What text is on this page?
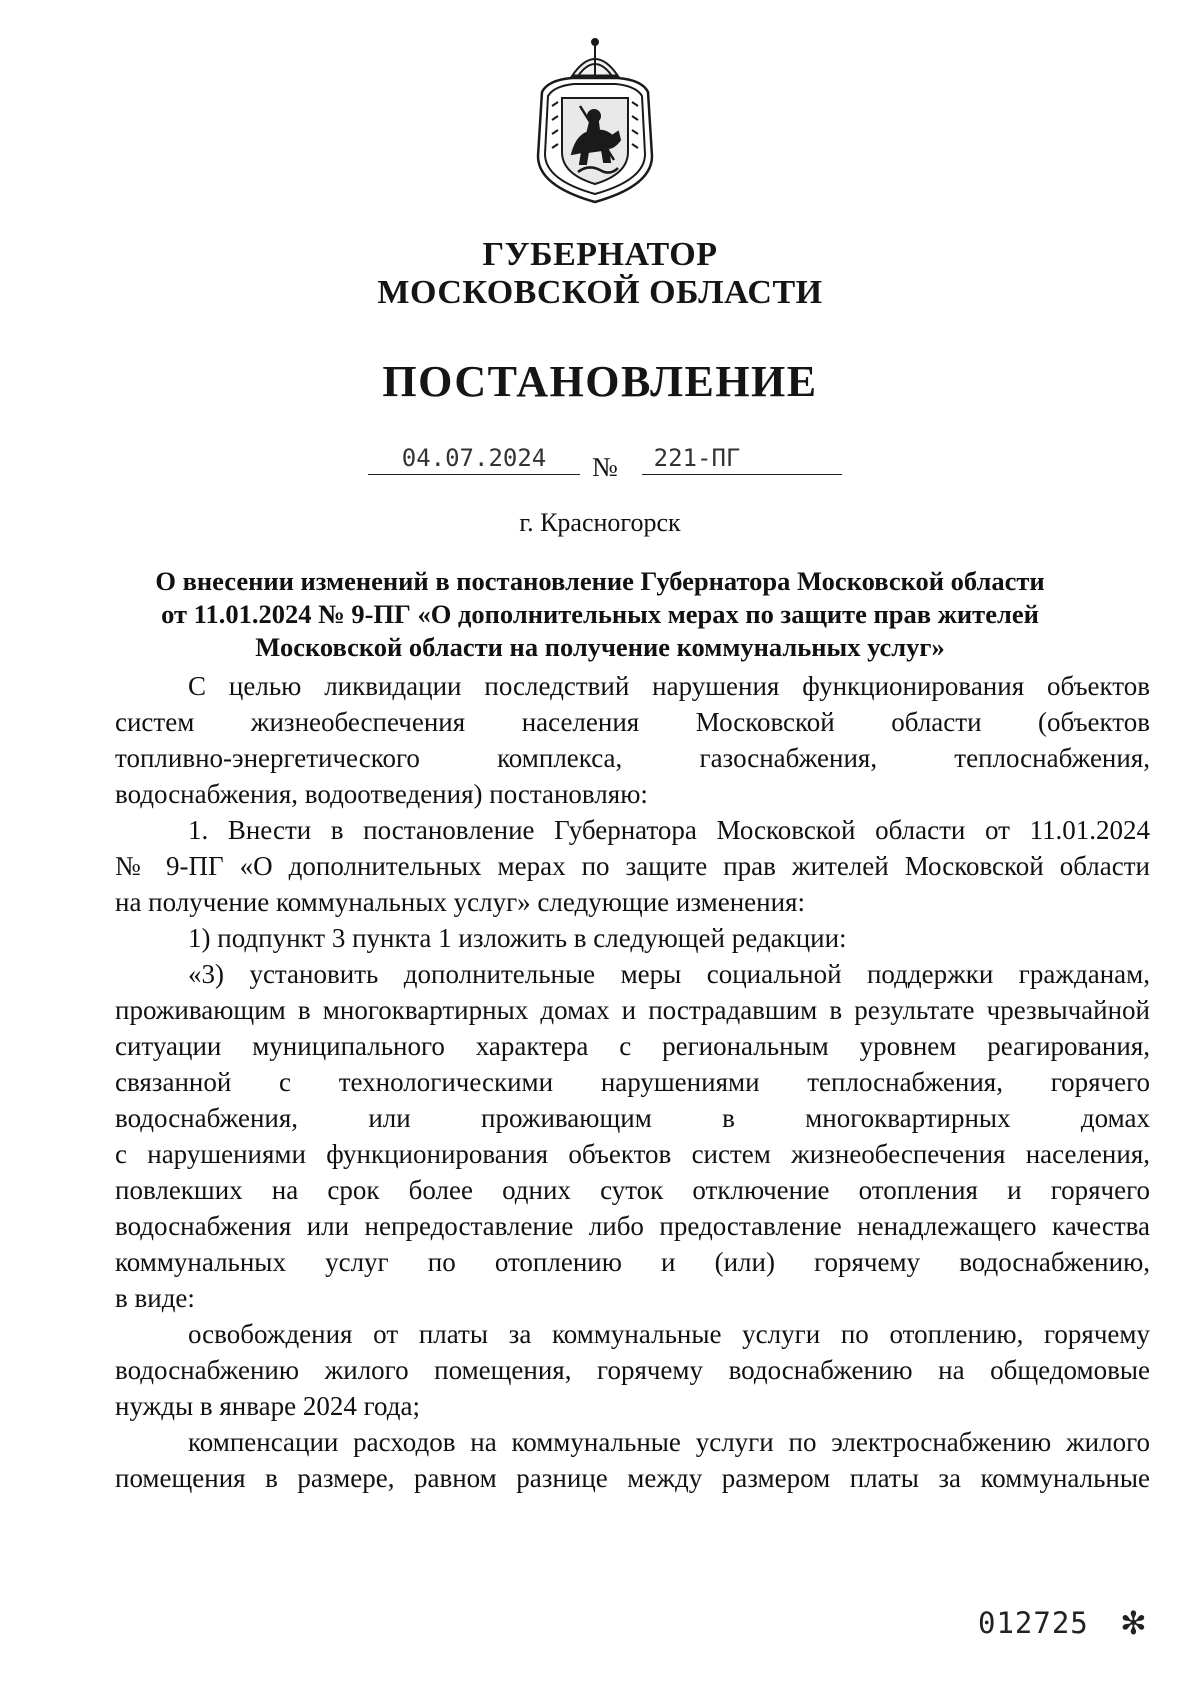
ГУБЕРНАТОР
МОСКОВСКОЙ ОБЛАСТИ
ПОСТАНОВЛЕНИЕ
04.07.2024	№ 221-ПГ
г. Красногорск
О внесении изменений в постановление Губернатора Московской области
от 11.01.2024 № 9-ПГ «О дополнительных мерах по защите прав жителей
Московской области на получение коммунальных услуг»
С целью ликвидации последствий нарушения функционирования объектов
систем жизнеобеспечения населения Московской области (объектов
топливно-энергетического комплекса, газоснабжения, теплоснабжения,
водоснабжения, водоотведения) постановляю:
1. Внести в постановление Губернатора Московской области от 11.01.2024
№ 9-ПГ «О дополнительных мерах по защите прав жителей Московской области
на получение коммунальных услуг» следующие изменения:
1) подпункт 3 пункта 1 изложить в следующей редакции:
«3) установить дополнительные меры социальной поддержки гражданам,
проживающим в многоквартирных домах и пострадавшим в результате чрезвычайной
ситуации муниципального характера с региональным уровнем реагирования,
связанной с технологическими нарушениями теплоснабжения, горячего
водоснабжения, или проживающим в многоквартирных домах
с нарушениями функционирования объектов систем жизнеобеспечения населения,
повлекших на срок более одних суток отключение отопления и горячего
водоснабжения или непредоставление либо предоставление ненадлежащего качества
коммунальных услуг по отоплению и (или) горячему водоснабжению,
в виде:
освобождения от платы за коммунальные услуги по отоплению, горячему
водоснабжению жилого помещения, горячему водоснабжению на общедомовые
нужды в январе 2024 года;
компенсации расходов на коммунальные услуги по электроснабжению жилого
помещения в размере, равном разнице между размером платы за коммунальные
012725 ✻
